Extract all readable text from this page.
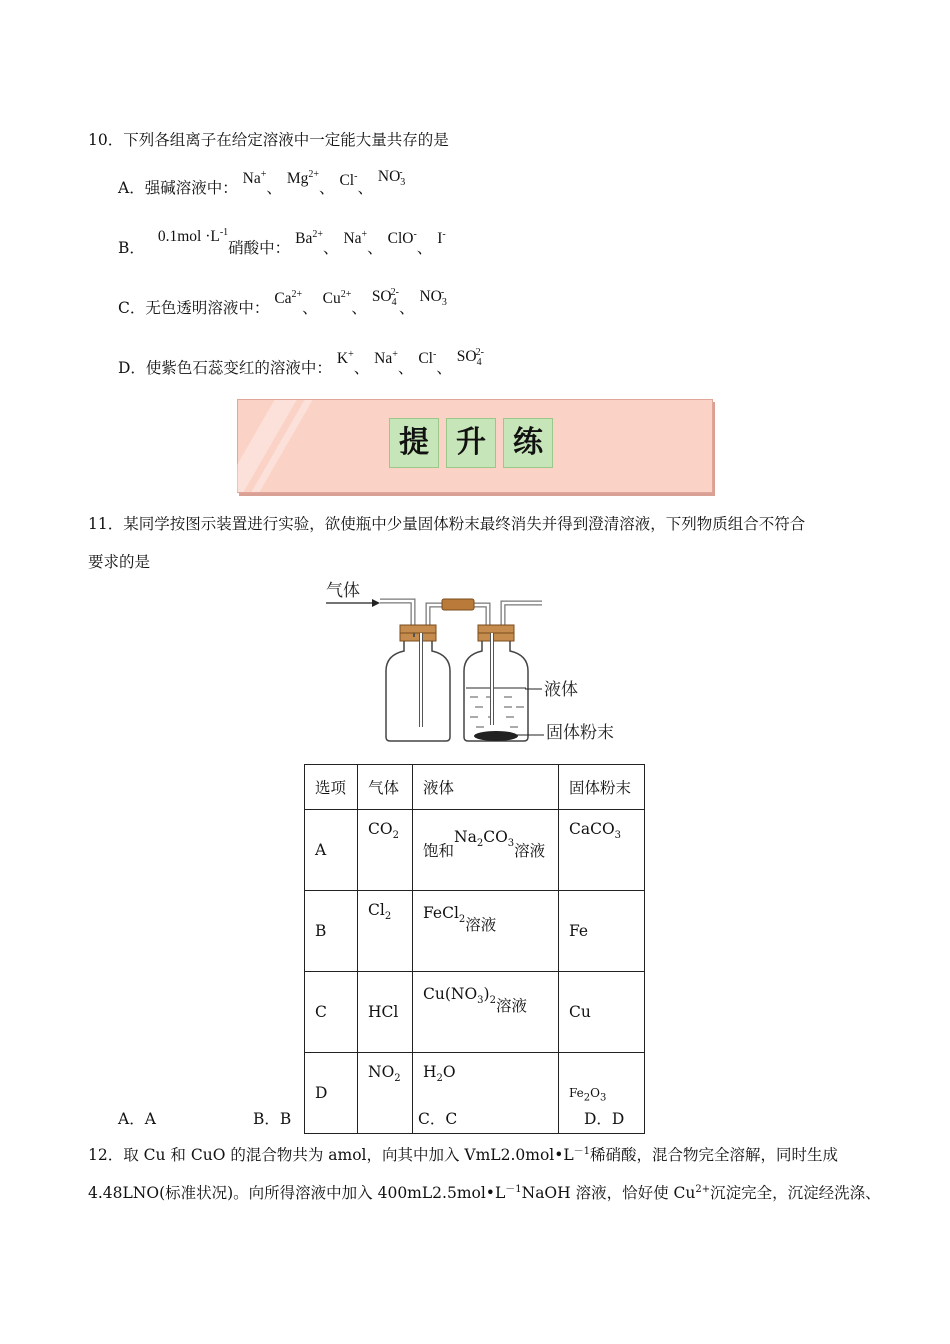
10．下列各组离子在给定溶液中一定能大量共存的是
A．强碱溶液中： Na+、 $Mg^{2+}$、 Cl-、 $NO_3^-$
B． $0.1mol \cdot L^{-1}$硝酸中： $Ba^{2+}$、 Na+、 ClO-、 I-
C．无色透明溶液中： $Ca^{2+}$、 $Cu^{2+}$、 $SO_4^{2-}$、 $NO_3^-$
D．使紫色石蕊变红的溶液中： K+、 Na+、 Cl-、 $SO_4^{2-}$
提 升 练
11．某同学按图示装置进行实验，欲使瓶中少量固体粉末最终消失并得到澄清溶液，下列物质组合不符合
要求的是
气体
液体
固体粉末
选项	气体	液体	固体粉末
A	$CO_2$	饱和$Na_2CO_3$溶液	CaCO$_3$
B	$Cl_2$	FeCl$_2$溶液	Fe
C	HCl	$Cu(NO_3)_2$溶液	Cu
D	$NO_2$	$H_2O$	$Fe_2O_3$
A．A	B．B	C．C	D．D
12．取 Cu 和 CuO 的混合物共为 amol，向其中加入 $VmL2.0mol•L^{-1}$稀硝酸，混合物完全溶解，同时生成
4.48LNO(标准状况)。向所得溶液中加入 $400mL2.5mol•L^{-1}NaOH$ 溶液，恰好使 $Cu^{2+}$沉淀完全，沉淀经洗涤、
